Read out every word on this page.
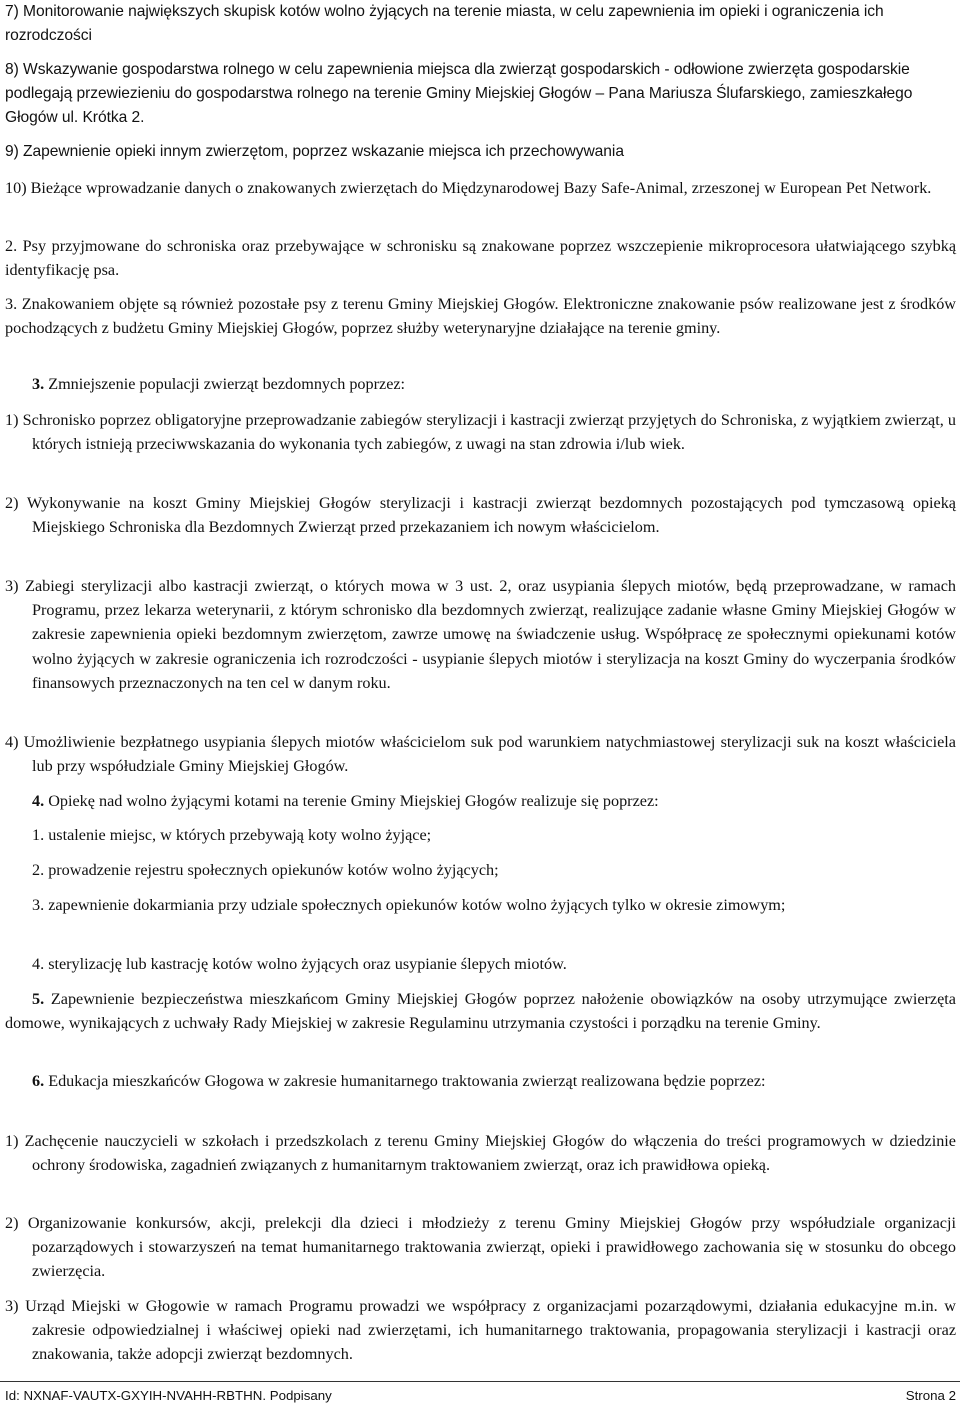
7) Monitorowanie największych skupisk kotów wolno żyjących na terenie miasta, w celu zapewnienia im opieki i ograniczenia ich rozrodczości

8) Wskazywanie gospodarstwa rolnego w celu zapewnienia miejsca dla zwierząt gospodarskich - odłowione zwierzęta gospodarskie podlegają przewiezieniu do gospodarstwa rolnego na terenie Gminy Miejskiej Głogów – Pana Mariusza Ślufarskiego, zamieszkałego Głogów ul. Krótka 2.

9) Zapewnienie opieki innym zwierzętom, poprzez wskazanie miejsca ich przechowywania

10) Bieżące wprowadzanie danych o znakowanych zwierzętach do Międzynarodowej Bazy Safe-Animal, zrzeszonej w European Pet Network.

2. Psy przyjmowane do schroniska oraz przebywające w schronisku są znakowane poprzez wszczepienie mikroprocesora ułatwiającego szybką identyfikację psa.

3. Znakowaniem objęte są również pozostałe psy z terenu Gminy Miejskiej Głogów. Elektroniczne znakowanie psów realizowane jest z środków pochodzących z budżetu Gminy Miejskiej Głogów, poprzez służby weterynaryjne działające na terenie gminy.

3. Zmniejszenie populacji zwierząt bezdomnych poprzez:

1) Schronisko poprzez obligatoryjne przeprowadzanie zabiegów sterylizacji i kastracji zwierząt przyjętych do Schroniska, z wyjątkiem zwierząt, u których istnieją przeciwwskazania do wykonania tych zabiegów, z uwagi na stan zdrowia i/lub wiek.

2) Wykonywanie na koszt Gminy Miejskiej Głogów sterylizacji i kastracji zwierząt bezdomnych pozostających pod tymczasową opieką Miejskiego Schroniska dla Bezdomnych Zwierząt przed przekazaniem ich nowym właścicielom.

3) Zabiegi sterylizacji albo kastracji zwierząt, o których mowa w 3 ust. 2, oraz usypiania ślepych miotów, będą przeprowadzane, w ramach Programu, przez lekarza weterynarii, z którym schronisko dla bezdomnych zwierząt, realizujące zadanie własne Gminy Miejskiej Głogów w zakresie zapewnienia opieki bezdomnym zwierzętom, zawrze umowę na świadczenie usług. Współpracę ze społecznymi opiekunami kotów wolno żyjących w zakresie ograniczenia ich rozrodczości - usypianie ślepych miotów i sterylizacja na koszt Gminy do wyczerpania środków finansowych przeznaczonych na ten cel w danym roku.

4) Umożliwienie bezpłatnego usypiania ślepych miotów właścicielom suk pod warunkiem natychmiastowej sterylizacji suk na koszt właściciela lub przy współudziale Gminy Miejskiej Głogów.

4. Opiekę nad wolno żyjącymi kotami na terenie Gminy Miejskiej Głogów realizuje się poprzez:

1. ustalenie miejsc, w których przebywają koty wolno żyjące;

2. prowadzenie rejestru społecznych opiekunów kotów wolno żyjących;

3. zapewnienie dokarmiania przy udziale społecznych opiekunów kotów wolno żyjących tylko w okresie zimowym;

4. sterylizację lub kastrację kotów wolno żyjących oraz usypianie ślepych miotów.

5. Zapewnienie bezpieczeństwa mieszkańcom Gminy Miejskiej Głogów poprzez nałożenie obowiązków na osoby utrzymujące zwierzęta domowe, wynikających z uchwały Rady Miejskiej w zakresie Regulaminu utrzymania czystości i porządku na terenie Gminy.

6. Edukacja mieszkańców Głogowa w zakresie humanitarnego traktowania zwierząt realizowana będzie poprzez:

1) Zachęcenie nauczycieli w szkołach i przedszkolach z terenu Gminy Miejskiej Głogów do włączenia do treści programowych w dziedzinie ochrony środowiska, zagadnień związanych z humanitarnym traktowaniem zwierząt, oraz ich prawidłowa opieką.

2) Organizowanie konkursów, akcji, prelekcji dla dzieci i młodzieży z terenu Gminy Miejskiej Głogów przy współudziale organizacji pozarządowych i stowarzyszeń na temat humanitarnego traktowania zwierząt, opieki i prawidłowego zachowania się w stosunku do obcego zwierzęcia.

3) Urząd Miejski w Głogowie w ramach Programu prowadzi we współpracy z organizacjami pozarządowymi, działania edukacyjne m.in. w zakresie odpowiedzialnej i właściwej opieki nad zwierzętami, ich humanitarnego traktowania, propagowania sterylizacji i kastracji oraz znakowania, także adopcji zwierząt bezdomnych.

Id: NXNAF-VAUTX-GXYIH-NVAHH-RBTHN. Podpisany	Strona 2
